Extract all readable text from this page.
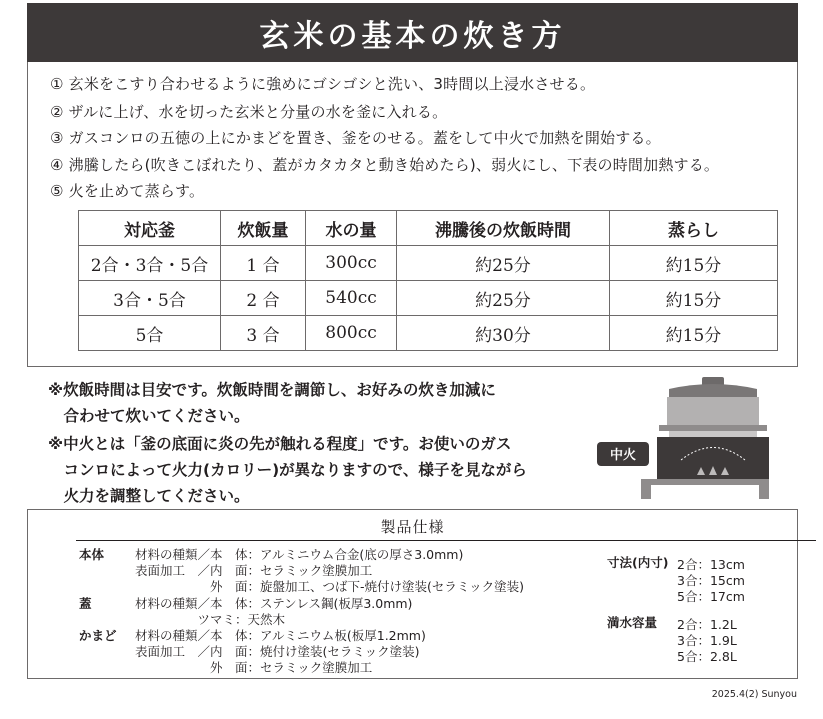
玄米の基本の炊き方
① 玄米をこすり合わせるように強めにゴシゴシと洗い、3時間以上浸水させる。
② ザルに上げ、水を切った玄米と分量の水を釜に入れる。
③ ガスコンロの五徳の上にかまどを置き、釜をのせる。蓋をして中火で加熱を開始する。
④ 沸騰したら(吹きこぼれたり、蓋がカタカタと動き始めたら)、弱火にし、下表の時間加熱する。
⑤ 火を止めて蒸らす。
対応釜	炊飯量	水の量	沸騰後の炊飯時間	蒸らし
2合・3合・5合	1 合	300cc	約25分	約15分
3合・5合	2 合	540cc	約25分	約15分
5合	3 合	800cc	約30分	約15分
※炊飯時間は目安です。炊飯時間を調節し、お好みの炊き加減に
　合わせて炊いてください。
※中火とは「釜の底面に炎の先が触れる程度」です。お使いのガス
　コンロによって火力(カロリー)が異なりますので、様子を見ながら
　火力を調整してください。
中火
製品仕様
本体 材料の種類／本　体：アルミニウム合金(底の厚さ3.0mm)
表面加工　／内　面：セラミック塗膜加工
　　　　　　外　面：旋盤加工、つば下-焼付け塗装(セラミック塗装)
蓋	材料の種類／本　体：ステンレス鋼(板厚3.0mm)
　　　　　ツマミ：天然木
かまど 材料の種類／本　体：アルミニウム板(板厚1.2mm)
表面加工　／内　面：焼付け塗装(セラミック塗装)
　　　　　　外　面：セラミック塗膜加工
寸法(内寸) 2合：13cm
3合：15cm
5合：17cm
満水容量 2合：1.2L
3合：1.9L
5合：2.8L
2025.4(2) Sunyou
